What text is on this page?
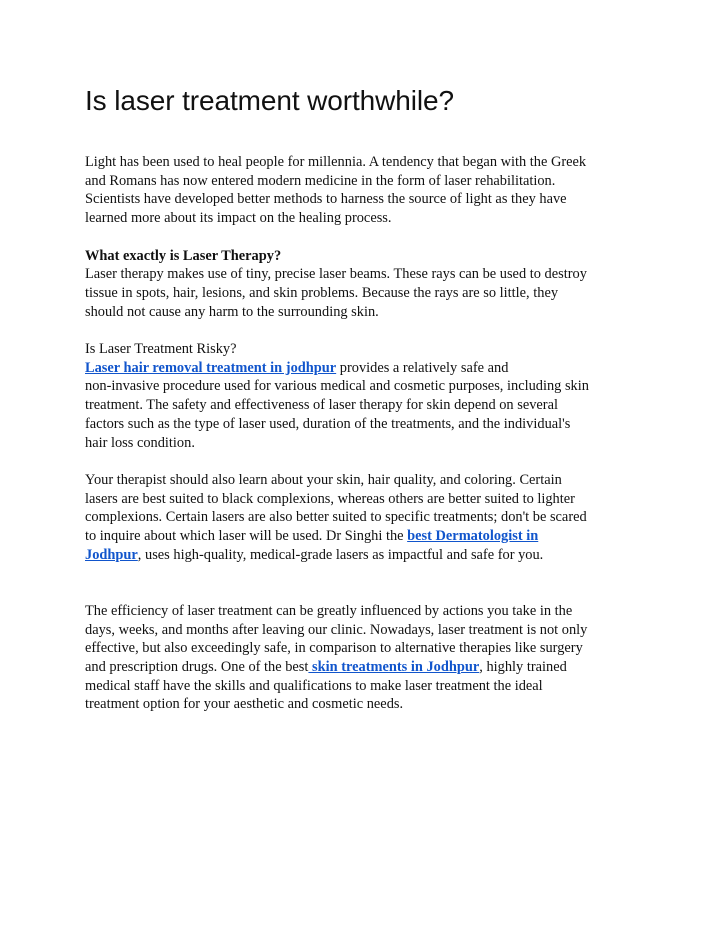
Is laser treatment worthwhile?

Light has been used to heal people for millennia. A tendency that began with the Greek

and Romans has now entered modern medicine in the form of laser rehabilitation.

Scientists have developed better methods to harness the source of light as they have

learned more about its impact on the healing process.

What exactly is Laser Therapy?

Laser therapy makes use of tiny, precise laser beams. These rays can be used to destroy

tissue in spots, hair, lesions, and skin problems. Because the rays are so little, they

should not cause any harm to the surrounding skin.

Is Laser Treatment Risky?

Laser hair removal treatment in jodhpur provides a relatively safe and

non-invasive procedure used for various medical and cosmetic purposes, including skin

treatment. The safety and effectiveness of laser therapy for skin depend on several

factors such as the type of laser used, duration of the treatments, and the individual's

hair loss condition.

Your therapist should also learn about your skin, hair quality, and coloring. Certain

lasers are best suited to black complexions, whereas others are better suited to lighter

complexions. Certain lasers are also better suited to specific treatments; don't be scared

to inquire about which laser will be used. Dr Singhi the best Dermatologist in

Jodhpur, uses high-quality, medical-grade lasers as impactful and safe for you.

The efficiency of laser treatment can be greatly influenced by actions you take in the

days, weeks, and months after leaving our clinic. Nowadays, laser treatment is not only

effective, but also exceedingly safe, in comparison to alternative therapies like surgery

and prescription drugs. One of the best skin treatments in Jodhpur, highly trained

medical staff have the skills and qualifications to make laser treatment the ideal

treatment option for your aesthetic and cosmetic needs.
